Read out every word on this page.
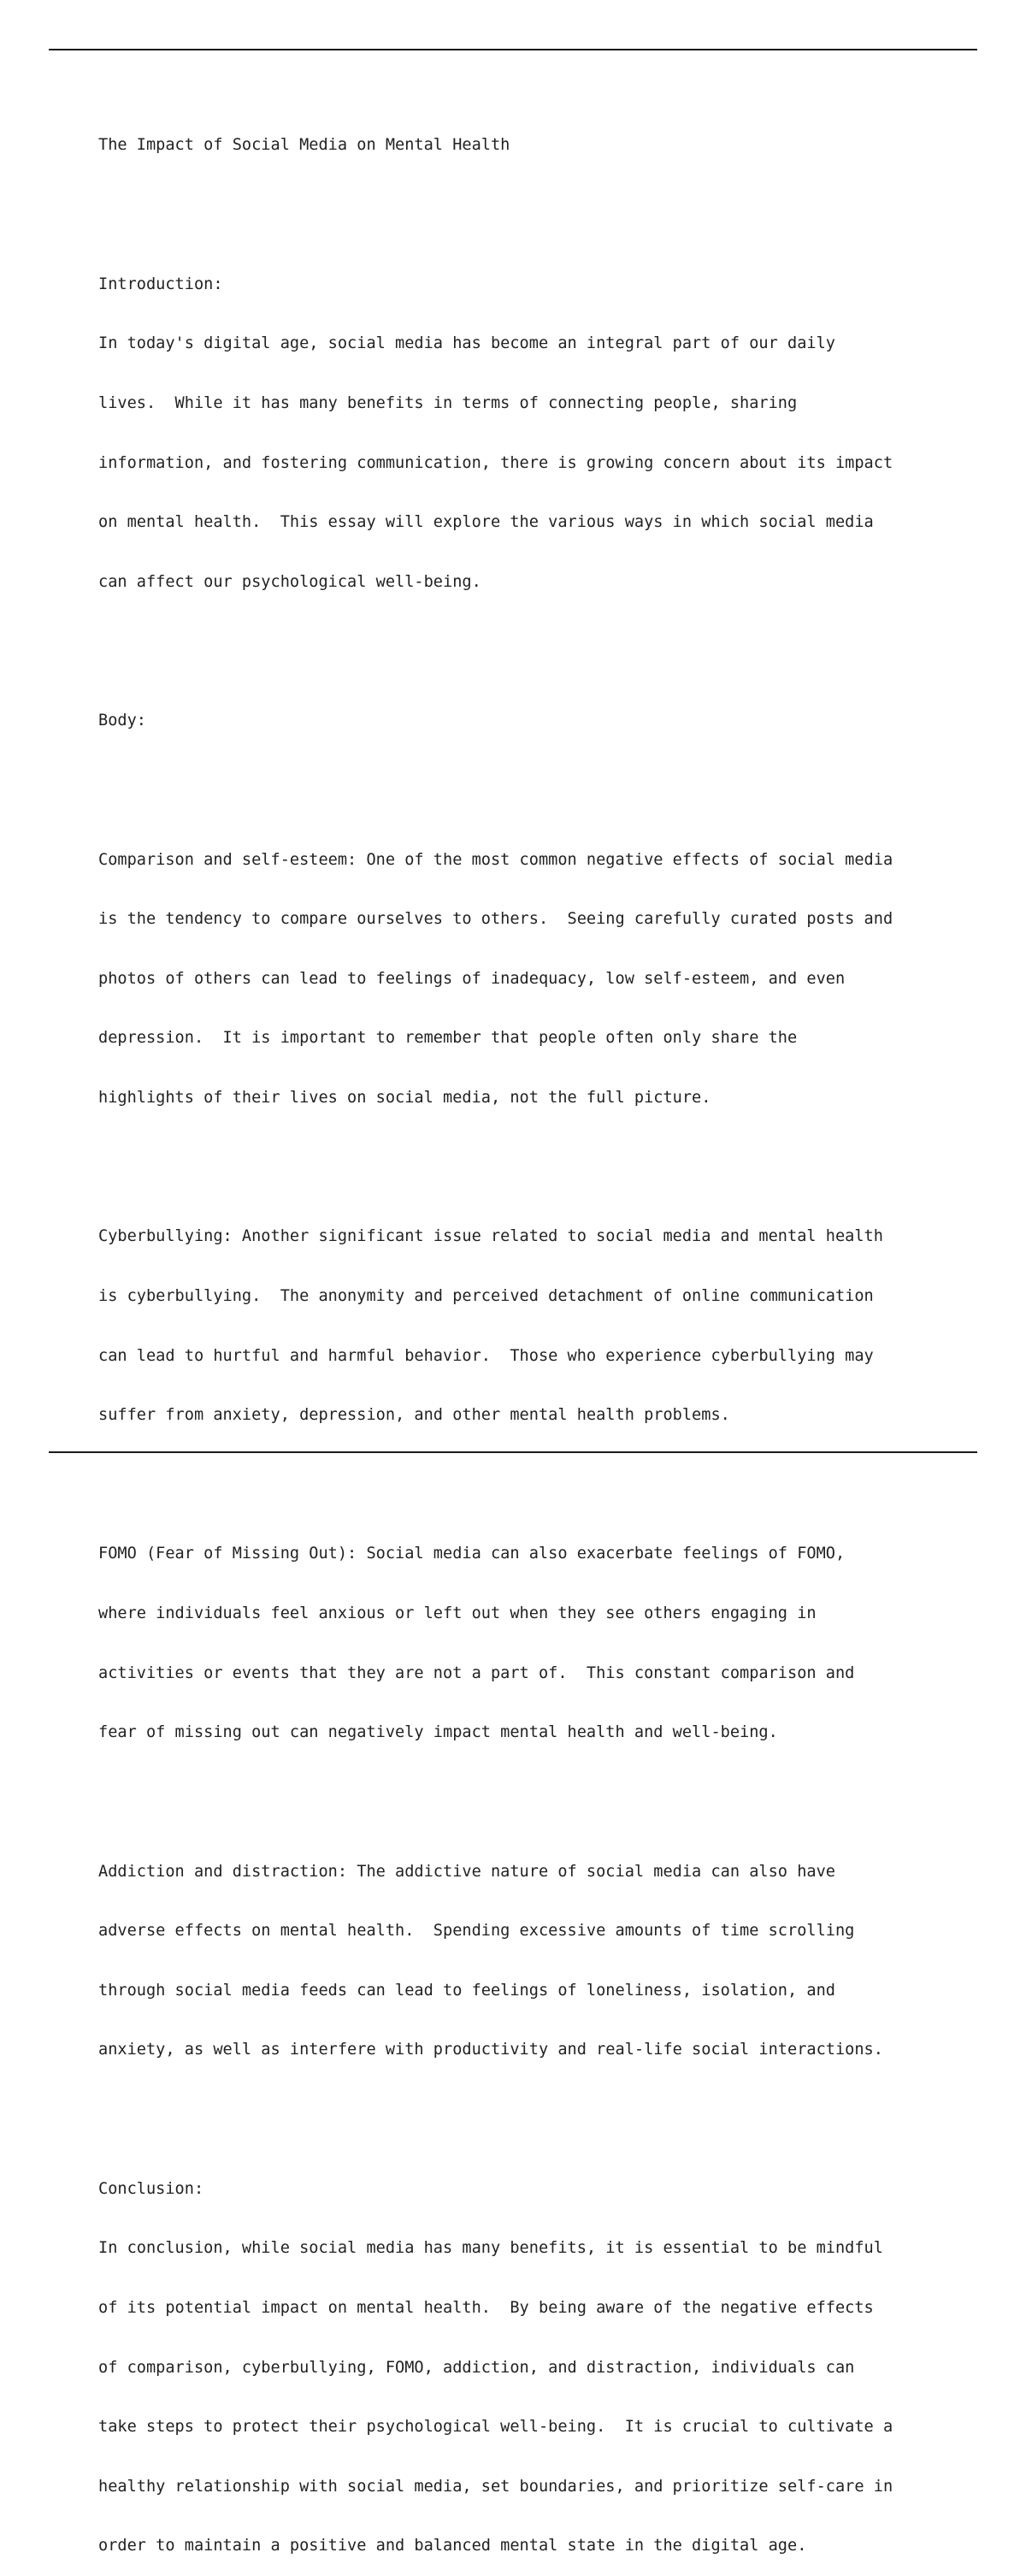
The Impact of Social Media on Mental Health

Introduction:

In today's digital age, social media has become an integral part of our daily

lives.  While it has many benefits in terms of connecting people, sharing

information, and fostering communication, there is growing concern about its impact

on mental health.  This essay will explore the various ways in which social media

can affect our psychological well-being.

Body:

Comparison and self-esteem: One of the most common negative effects of social media

is the tendency to compare ourselves to others.  Seeing carefully curated posts and

photos of others can lead to feelings of inadequacy, low self-esteem, and even

depression.  It is important to remember that people often only share the

highlights of their lives on social media, not the full picture.

Cyberbullying: Another significant issue related to social media and mental health

is cyberbullying.  The anonymity and perceived detachment of online communication

can lead to hurtful and harmful behavior.  Those who experience cyberbullying may

suffer from anxiety, depression, and other mental health problems.

FOMO (Fear of Missing Out): Social media can also exacerbate feelings of FOMO,

where individuals feel anxious or left out when they see others engaging in

activities or events that they are not a part of.  This constant comparison and

fear of missing out can negatively impact mental health and well-being.

Addiction and distraction: The addictive nature of social media can also have

adverse effects on mental health.  Spending excessive amounts of time scrolling

through social media feeds can lead to feelings of loneliness, isolation, and

anxiety, as well as interfere with productivity and real-life social interactions.

Conclusion:

In conclusion, while social media has many benefits, it is essential to be mindful

of its potential impact on mental health.  By being aware of the negative effects

of comparison, cyberbullying, FOMO, addiction, and distraction, individuals can

take steps to protect their psychological well-being.  It is crucial to cultivate a

healthy relationship with social media, set boundaries, and prioritize self-care in

order to maintain a positive and balanced mental state in the digital age.
